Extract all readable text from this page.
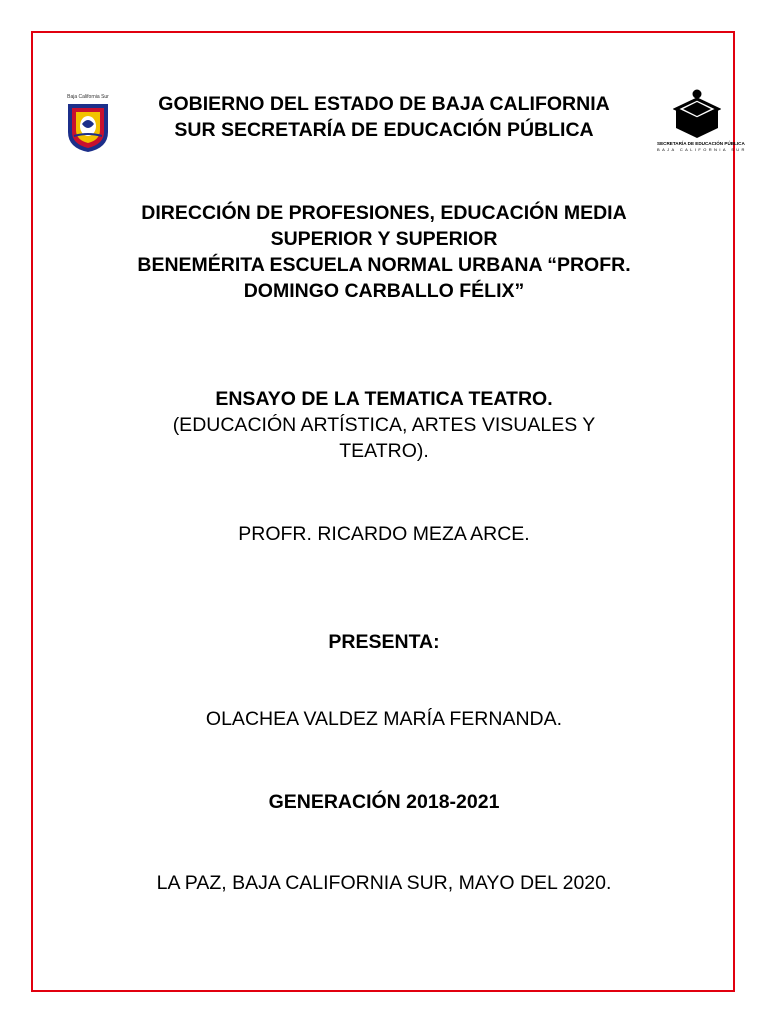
Baja California Sur
SECRETARÍA DE EDUCACIÓN PÚBLICA
BAJA CALIFORNIA SUR
GOBIERNO DEL ESTADO DE BAJA CALIFORNIA
SUR SECRETARÍA DE EDUCACIÓN PÚBLICA
DIRECCIÓN DE PROFESIONES, EDUCACIÓN MEDIA
SUPERIOR Y SUPERIOR
BENEMÉRITA ESCUELA NORMAL URBANA “PROFR.
DOMINGO CARBALLO FÉLIX”
ENSAYO DE LA TEMATICA TEATRO.
(EDUCACIÓN ARTÍSTICA, ARTES VISUALES Y
TEATRO).
PROFR. RICARDO MEZA ARCE.
PRESENTA:
OLACHEA VALDEZ MARÍA FERNANDA.
GENERACIÓN 2018-2021
LA PAZ, BAJA CALIFORNIA SUR, MAYO DEL 2020.
